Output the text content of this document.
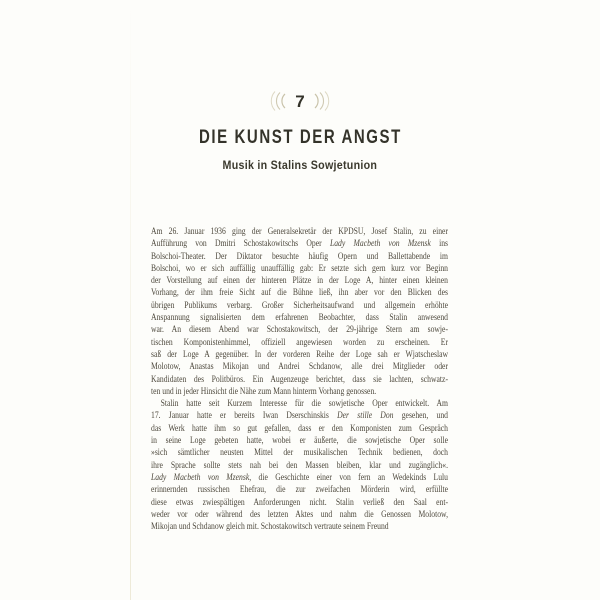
7
DIE KUNST DER ANGST
Musik in Stalins Sowjetunion
Am 26. Januar 1936 ging der Generalsekretär der KPDSU, Josef Stalin, zu einer
Aufführung von Dmitri Schostakowitschs Oper Lady Macbeth von Mzensk ins
Bolschoi-Theater. Der Diktator besuchte häufig Opern und Ballettabende im
Bolschoi, wo er sich auffällig unauffällig gab: Er setzte sich gern kurz vor Beginn
der Vorstellung auf einen der hinteren Plätze in der Loge A, hinter einen kleinen
Vorhang, der ihm freie Sicht auf die Bühne ließ, ihn aber vor den Blicken des
übrigen Publikums verbarg. Großer Sicherheitsaufwand und allgemein erhöhte
Anspannung signalisierten dem erfahrenen Beobachter, dass Stalin anwesend
war. An diesem Abend war Schostakowitsch, der 29-jährige Stern am sowje-
tischen Komponistenhimmel, offiziell angewiesen worden zu erscheinen. Er
saß der Loge A gegenüber. In der vorderen Reihe der Loge sah er Wjatscheslaw
Molotow, Anastas Mikojan und Andrei Schdanow, alle drei Mitglieder oder
Kandidaten des Politbüros. Ein Augenzeuge berichtet, dass sie lachten, schwatz-
ten und in jeder Hinsicht die Nähe zum Mann hinterm Vorhang genossen.
Stalin hatte seit Kurzem Interesse für die sowjetische Oper entwickelt. Am
17. Januar hatte er bereits Iwan Dserschinskis Der stille Don gesehen, und
das Werk hatte ihm so gut gefallen, dass er den Komponisten zum Gespräch
in seine Loge gebeten hatte, wobei er äußerte, die sowjetische Oper solle
»sich sämtlicher neusten Mittel der musikalischen Technik bedienen, doch
ihre Sprache sollte stets nah bei den Massen bleiben, klar und zugänglich«.
Lady Macbeth von Mzensk, die Geschichte einer von fern an Wedekinds Lulu
erinnernden russischen Ehefrau, die zur zweifachen Mörderin wird, erfüllte
diese etwas zwiespältigen Anforderungen nicht. Stalin verließ den Saal ent-
weder vor oder während des letzten Aktes und nahm die Genossen Molotow,
Mikojan und Schdanow gleich mit. Schostakowitsch vertraute seinem Freund
